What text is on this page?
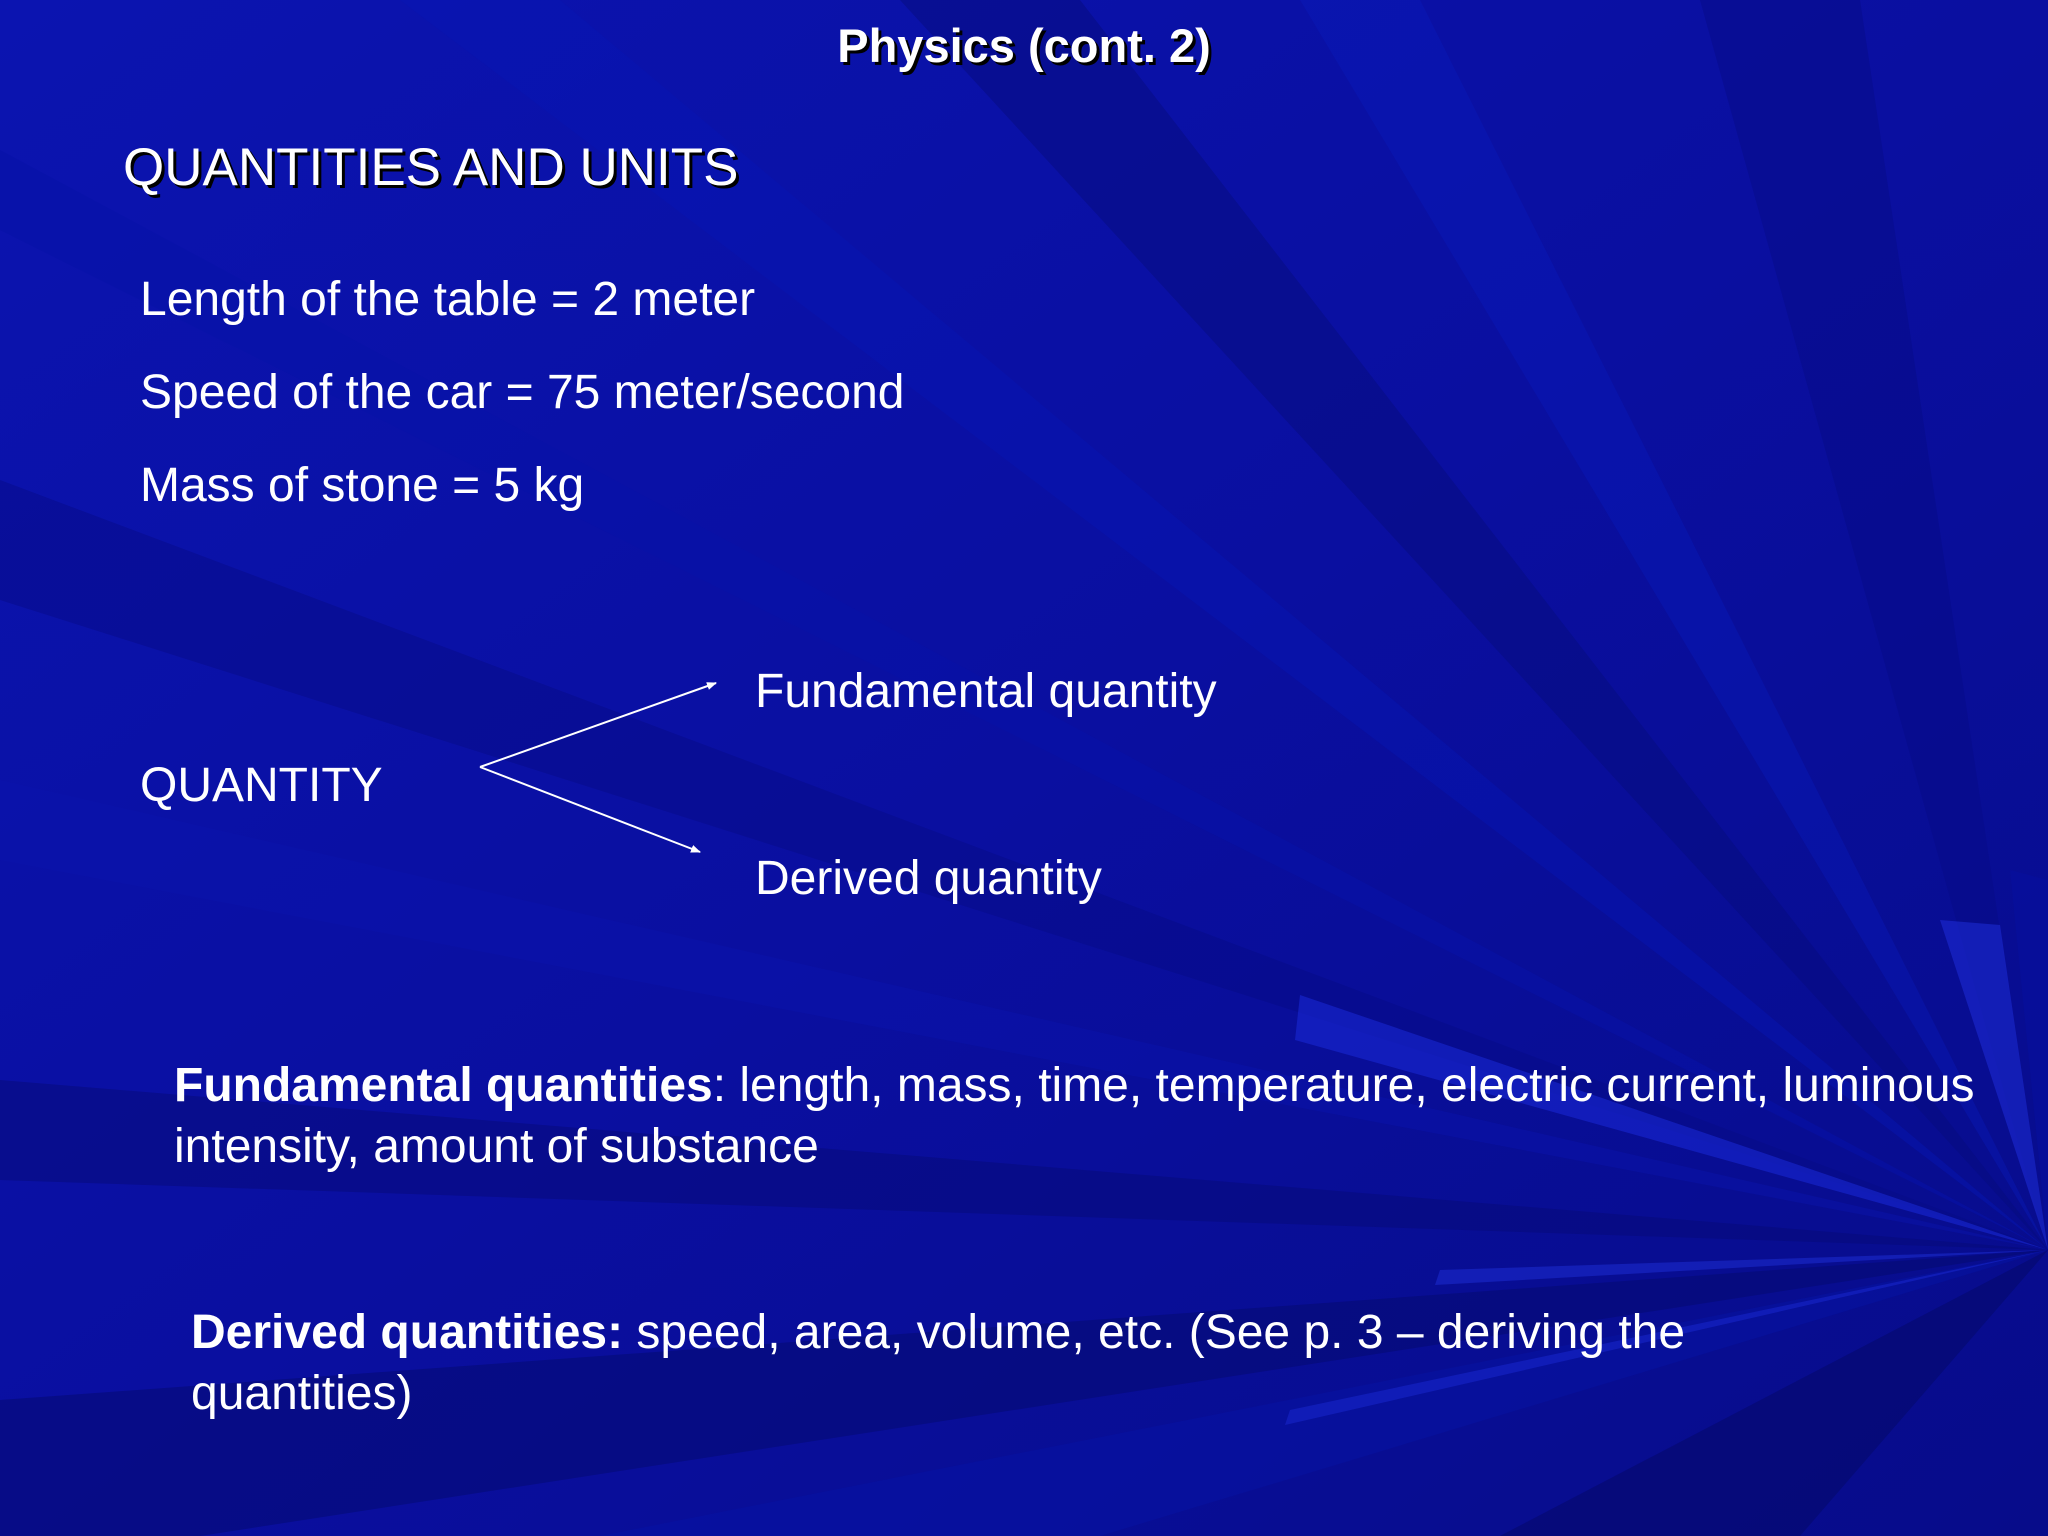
Physics (cont. 2)
QUANTITIES AND UNITS
Length of the table = 2 meter
Speed of the car = 75 meter/second
Mass of stone = 5 kg
QUANTITY
Fundamental quantity
Derived quantity
Fundamental quantities: length, mass, time, temperature, electric current, luminous intensity, amount of substance
Derived quantities: speed, area, volume, etc. (See p. 3 – deriving the quantities)
